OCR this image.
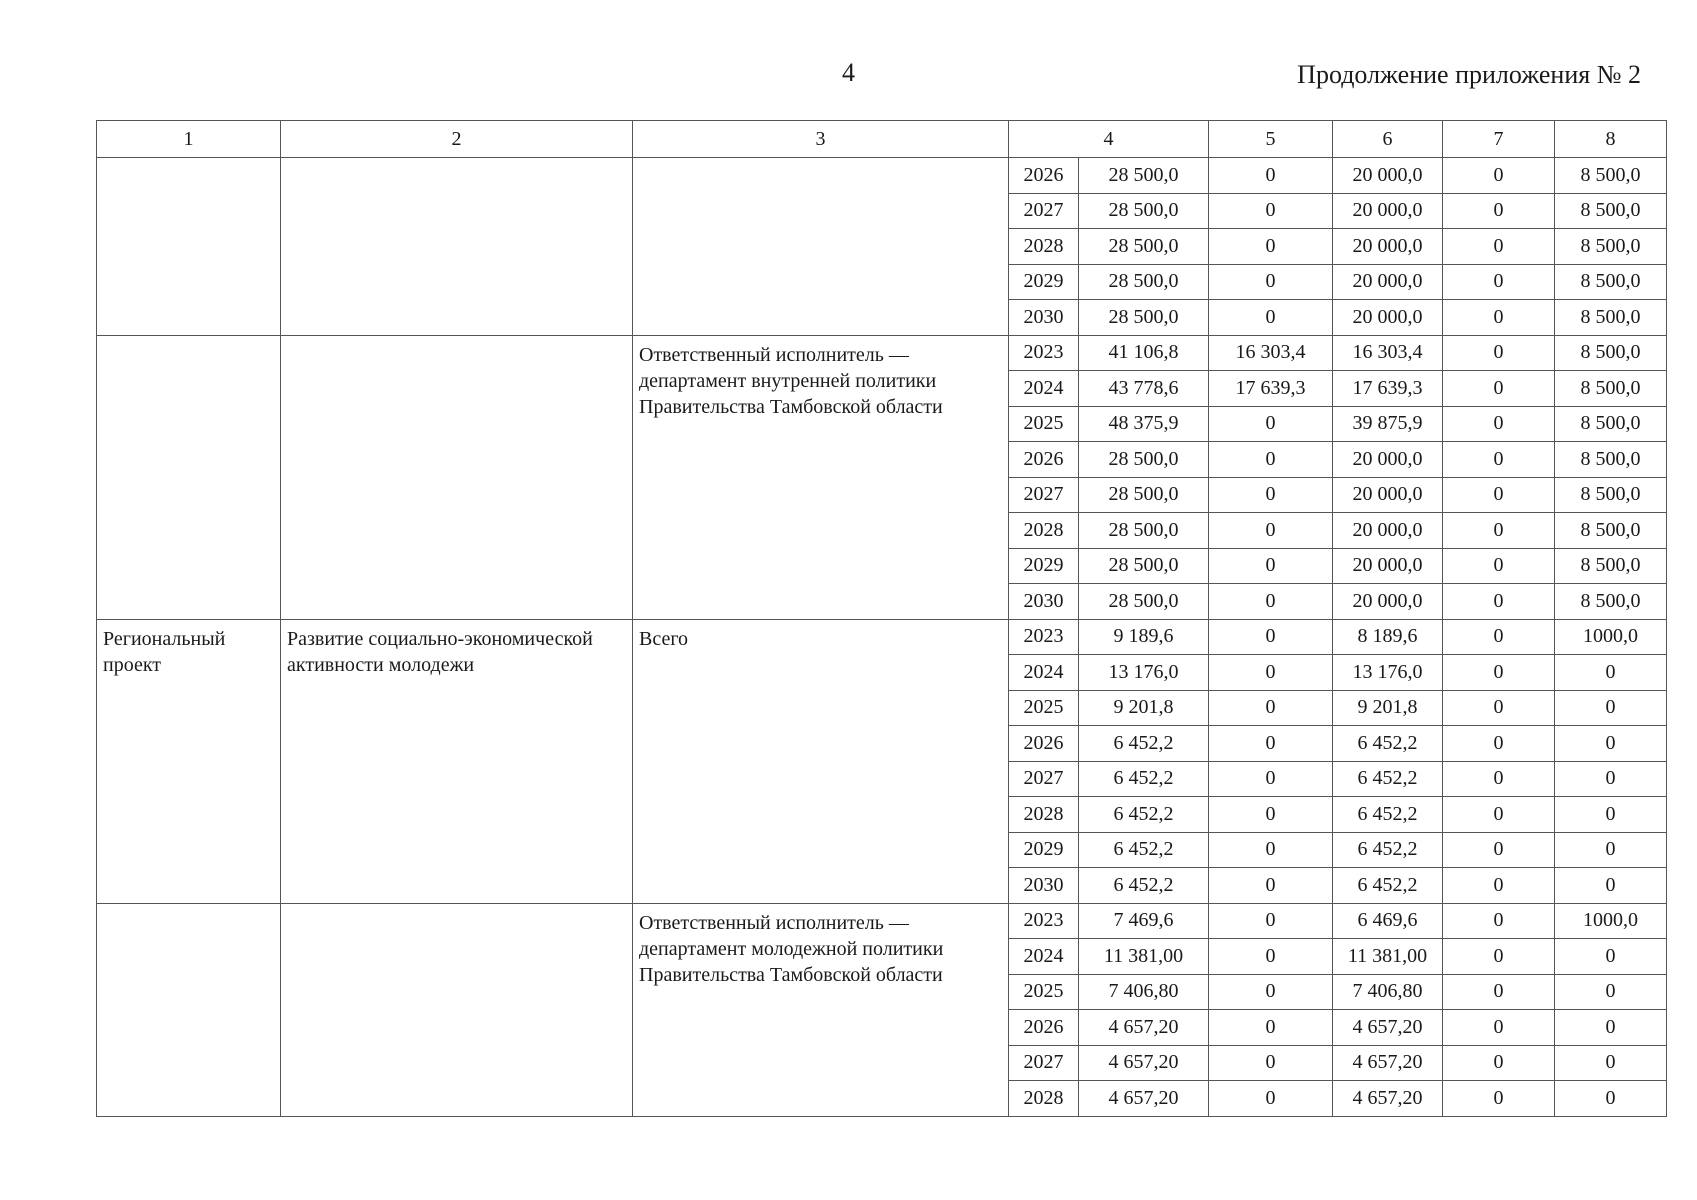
4	Продолжение приложения № 2
1	2	3	4		5	6	7	8
			2026	28 500,0	0	20 000,0	0	8 500,0
			2027	28 500,0	0	20 000,0	0	8 500,0
			2028	28 500,0	0	20 000,0	0	8 500,0
			2029	28 500,0	0	20 000,0	0	8 500,0
			2030	28 500,0	0	20 000,0	0	8 500,0
		Ответственный исполнитель — департамент внутренней политики Правительства Тамбовской области	2023	41 106,8	16 303,4	16 303,4	0	8 500,0
			2024	43 778,6	17 639,3	17 639,3	0	8 500,0
			2025	48 375,9	0	39 875,9	0	8 500,0
			2026	28 500,0	0	20 000,0	0	8 500,0
			2027	28 500,0	0	20 000,0	0	8 500,0
			2028	28 500,0	0	20 000,0	0	8 500,0
			2029	28 500,0	0	20 000,0	0	8 500,0
			2030	28 500,0	0	20 000,0	0	8 500,0
Региональный проект	Развитие социально-экономической активности молодежи	Всего	2023	9 189,6	0	8 189,6	0	1000,0
			2024	13 176,0	0	13 176,0	0	0
			2025	9 201,8	0	9 201,8	0	0
			2026	6 452,2	0	6 452,2	0	0
			2027	6 452,2	0	6 452,2	0	0
			2028	6 452,2	0	6 452,2	0	0
			2029	6 452,2	0	6 452,2	0	0
			2030	6 452,2	0	6 452,2	0	0
		Ответственный исполнитель — департамент молодежной политики Правительства Тамбовской области	2023	7 469,6	0	6 469,6	0	1000,0
			2024	11 381,00	0	11 381,00	0	0
			2025	7 406,80	0	7 406,80	0	0
			2026	4 657,20	0	4 657,20	0	0
			2027	4 657,20	0	4 657,20	0	0
			2028	4 657,20	0	4 657,20	0	0
